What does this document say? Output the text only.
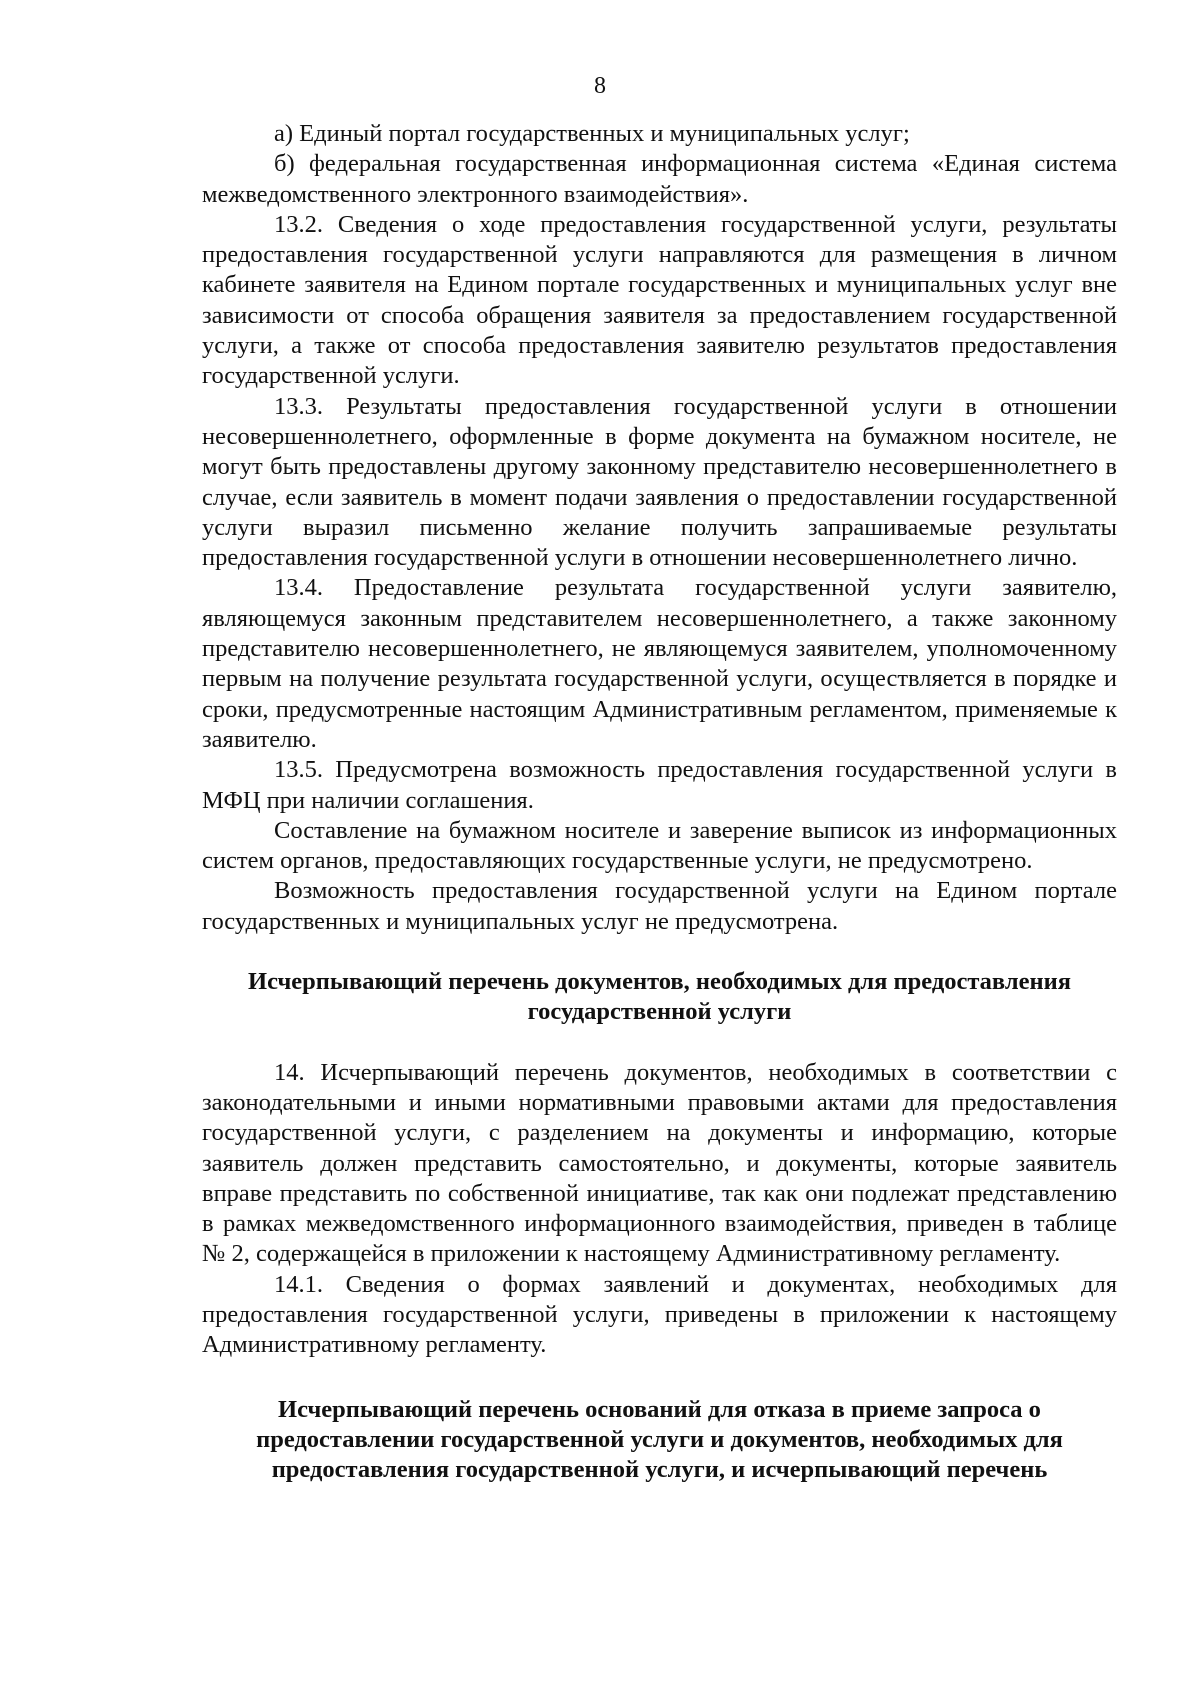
8

а) Единый портал государственных и муниципальных услуг;

б) федеральная государственная информационная система «Единая система межведомственного электронного взаимодействия».

13.2. Сведения о ходе предоставления государственной услуги, результаты предоставления государственной услуги направляются для размещения в личном кабинете заявителя на Едином портале государственных и муниципальных услуг вне зависимости от способа обращения заявителя за предоставлением государственной услуги, а также от способа предоставления заявителю результатов предоставления государственной услуги.

13.3. Результаты предоставления государственной услуги в отношении несовершеннолетнего, оформленные в форме документа на бумажном носителе, не могут быть предоставлены другому законному представителю несовершеннолетнего в случае, если заявитель в момент подачи заявления о предоставлении государственной услуги выразил письменно желание получить запрашиваемые результаты предоставления государственной услуги в отношении несовершеннолетнего лично.

13.4. Предоставление результата государственной услуги заявителю, являющемуся законным представителем несовершеннолетнего, а также законному представителю несовершеннолетнего, не являющемуся заявителем, уполномоченному первым на получение результата государственной услуги, осуществляется в порядке и сроки, предусмотренные настоящим Административным регламентом, применяемые к заявителю.

13.5. Предусмотрена возможность предоставления государственной услуги в МФЦ при наличии соглашения.

Составление на бумажном носителе и заверение выписок из информационных систем органов, предоставляющих государственные услуги, не предусмотрено.

Возможность предоставления государственной услуги на Едином портале государственных и муниципальных услуг не предусмотрена.

Исчерпывающий перечень документов, необходимых для предоставления государственной услуги

14. Исчерпывающий перечень документов, необходимых в соответствии с законодательными и иными нормативными правовыми актами для предоставления государственной услуги, с разделением на документы и информацию, которые заявитель должен представить самостоятельно, и документы, которые заявитель вправе представить по собственной инициативе, так как они подлежат представлению в рамках межведомственного информационного взаимодействия, приведен в таблице № 2, содержащейся в приложении к настоящему Административному регламенту.

14.1. Сведения о формах заявлений и документах, необходимых для предоставления государственной услуги, приведены в приложении к настоящему Административному регламенту.

Исчерпывающий перечень оснований для отказа в приеме запроса о предоставлении государственной услуги и документов, необходимых для предоставления государственной услуги, и исчерпывающий перечень
